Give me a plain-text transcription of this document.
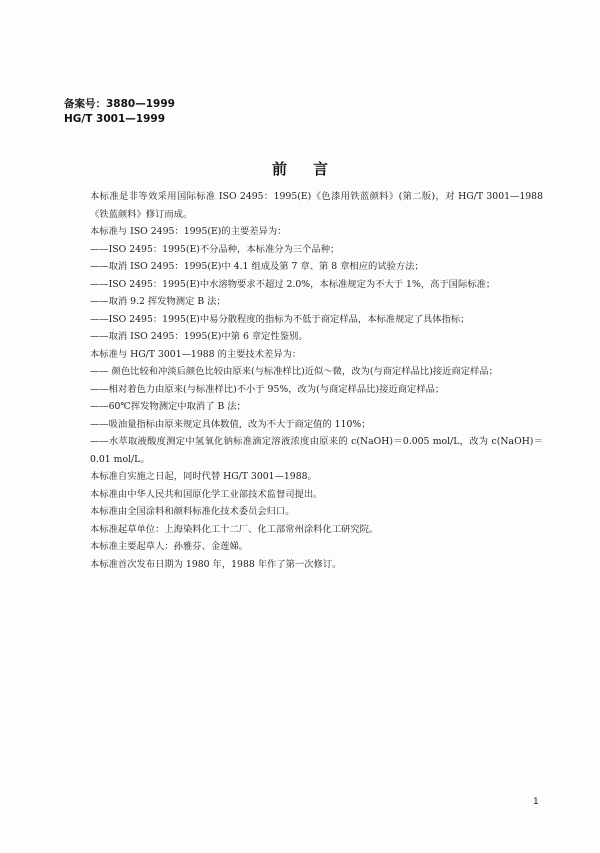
备案号：3880—1999
HG/T 3001—1999
前言

本标准是非等效采用国际标准 ISO 2495：1995(E)《色漆用铁蓝颜料》(第二版)，对 HG/T 3001—1988《铁蓝颜料》修订而成。

本标准与 ISO 2495：1995(E)的主要差异为：

——ISO 2495：1995(E)不分品种，本标准分为三个品种；

——取消 ISO 2495：1995(E)中 4.1 组成及第 7 章、第 8 章相应的试验方法；

——ISO 2495：1995(E)中水溶物要求不超过 2.0%，本标准规定为不大于 1%，高于国际标准；

——取消 9.2 挥发物测定 B 法；

——ISO 2495：1995(E)中易分散程度的指标为不低于商定样品，本标准规定了具体指标；

——取消 ISO 2495：1995(E)中第 6 章定性鉴别。

本标准与 HG/T 3001—1988 的主要技术差异为：

—— 颜色比较和冲淡后颜色比较由原来(与标准样比)近似～微，改为(与商定样品比)接近商定样品；

——相对着色力由原来(与标准样比)不小于 95%，改为(与商定样品比)接近商定样品；

——60℃挥发物测定中取消了 B 法；

——吸油量指标由原来规定具体数值，改为不大于商定值的 110%；

——水萃取液酸度测定中氢氧化钠标准滴定溶液浓度由原来的 c(NaOH)＝0.005 mol/L，改为 c(NaOH)＝0.01 mol/L。

本标准自实施之日起，同时代替 HG/T 3001—1988。

本标准由中华人民共和国原化学工业部技术监督司提出。

本标准由全国涂料和颜料标准化技术委员会归口。

本标准起草单位：上海染料化工十二厂、化工部常州涂料化工研究院。

本标准主要起草人：孙雅芬、金莲娣。

本标准首次发布日期为 1980 年，1988 年作了第一次修订。

1
